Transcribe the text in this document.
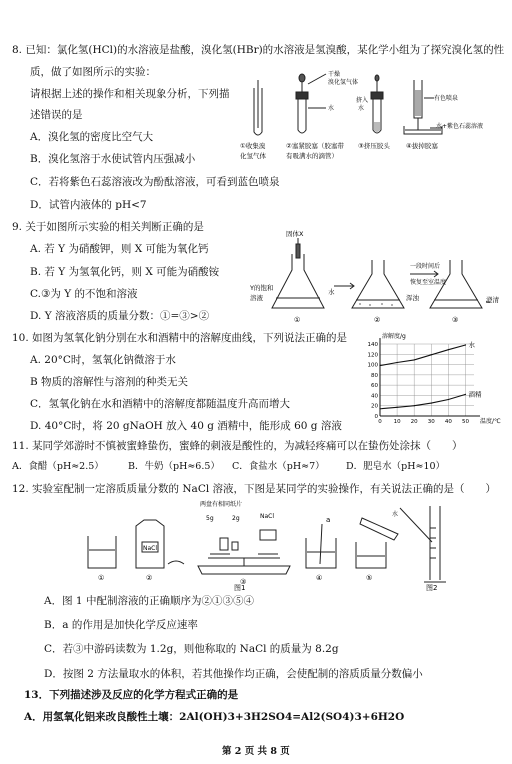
8. 已知：氯化氢(HCl)的水溶液是盐酸，溴化氢(HBr)的水溶液是氢溴酸，某化学小组为了探究溴化氢的性
质，做了如图所示的实验：
请根据上述的操作和相关现象分析，下列描
述错误的是
A．溴化氢的密度比空气大
B．溴化氢溶于水使试管内压强减小
C．若将紫色石蕊溶液改为酚酞溶液，可看到蓝色喷泉
D．试管内液体的 pH<7
干燥
溴化氢气体
水
挤入
水
有色喷泉
水+紫色石蕊溶液
①收集溴
化氢气体
②塞紧胶塞（胶塞带
有吸满水的滴管）
③挤压胶头 ④拔掉胶塞
9. 关于如图所示实验的相关判断正确的是
A. 若 Y 为硝酸钾，则 X 可能为氧化钙
B. 若 Y 为氢氧化钙，则 X 可能为硝酸铵
C.③为 Y 的不饱和溶液
D. Y 溶液溶质的质量分数：①=③>②
固体X
Y的饱和
溶液
水
一段时间后
恢复至室温度
浑浊	澄清
①	②	③
10. 如图为氢氧化钠分别在水和酒精中的溶解度曲线，下列说法正确的是
A. 20°C时，氢氧化钠微溶于水
B 物质的溶解性与溶剂的种类无关
C．氢氧化钠在水和酒精中的溶解度都随温度升高而增大
D. 40°C时，将 20 gNaOH 放入 40 g 酒精中，能形成 60 g 溶液
0
20
40
60
80
100
120
140
0 10 20 30 40 50
溶解度/g
温度/℃
水
酒精
11. 某同学郊游时不慎被蜜蜂蛰伤，蜜蜂的刺液是酸性的，为减轻疼痛可以在蛰伤处涂抹（　　）
A．食醋（pH≈2.5）	B．牛奶（pH≈6.5） C．食盐水（pH≈7） D．肥皂水（pH≈10）
12. 实验室配制一定溶质质量分数的 NaCl 溶液，下图是某同学的实验操作，有关说法正确的是（　　）
两盘有相同纸片
5g	2g	NaCl
NaCl
a
水
①	②	③	④	⑤
图1	图2
A．图 1 中配制溶液的正确顺序为②①③⑤④
B．a 的作用是加快化学反应速率
C．若③中游码读数为 1.2g，则他称取的 NaCl 的质量为 8.2g
D．按图 2 方法量取水的体积，若其他操作均正确，会使配制的溶质质量分数偏小
13．下列描述涉及反应的化学方程式正确的是
A．用氢氧化铝来改良酸性土壤：2Al(OH)3+3H2SO4=Al2(SO4)3+6H2O
第 2 页 共 8 页
